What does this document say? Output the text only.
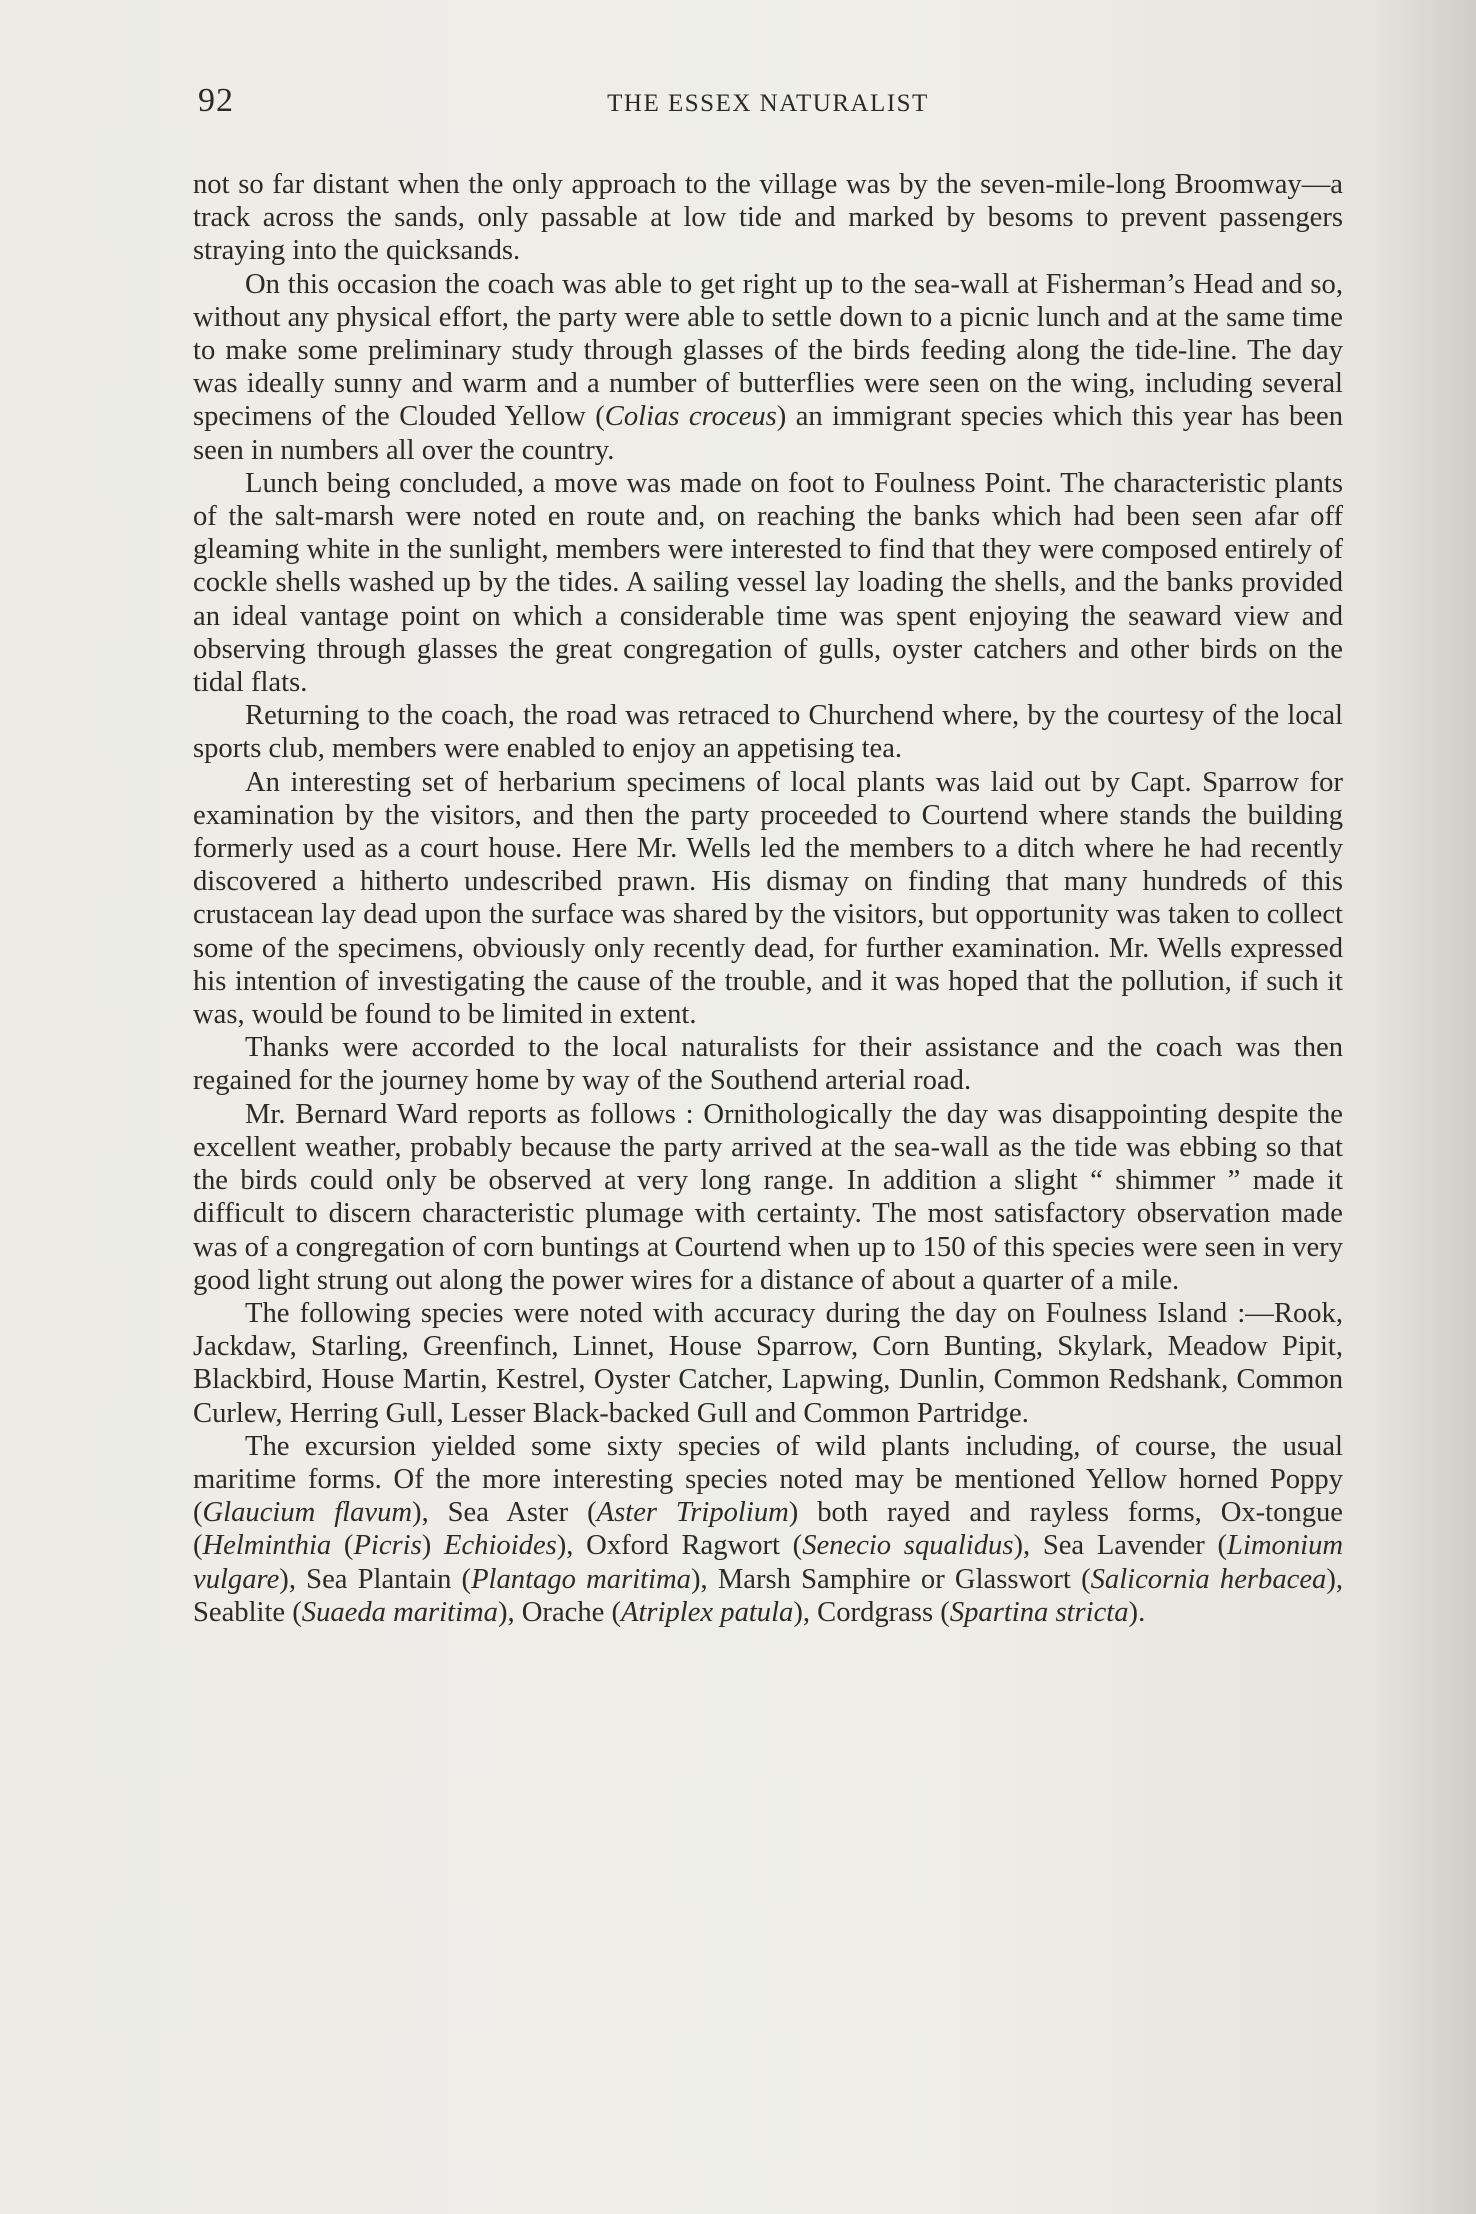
92	THE ESSEX NATURALIST

not so far distant when the only approach to the village was by the seven-mile-long Broomway—a track across the sands, only passable at low tide and marked by besoms to prevent passengers straying into the quicksands.

On this occasion the coach was able to get right up to the sea-wall at Fisherman’s Head and so, without any physical effort, the party were able to settle down to a picnic lunch and at the same time to make some preliminary study through glasses of the birds feeding along the tide-line. The day was ideally sunny and warm and a number of butterflies were seen on the wing, including several specimens of the Clouded Yellow (Colias croceus) an immigrant species which this year has been seen in numbers all over the country.

Lunch being concluded, a move was made on foot to Foulness Point. The characteristic plants of the salt-marsh were noted en route and, on reaching the banks which had been seen afar off gleaming white in the sunlight, members were interested to find that they were composed entirely of cockle shells washed up by the tides. A sailing vessel lay loading the shells, and the banks provided an ideal vantage point on which a considerable time was spent enjoying the seaward view and observing through glasses the great congregation of gulls, oyster catchers and other birds on the tidal flats.

Returning to the coach, the road was retraced to Churchend where, by the courtesy of the local sports club, members were enabled to enjoy an appetising tea.

An interesting set of herbarium specimens of local plants was laid out by Capt. Sparrow for examination by the visitors, and then the party proceeded to Courtend where stands the building formerly used as a court house. Here Mr. Wells led the members to a ditch where he had recently discovered a hitherto undescribed prawn. His dismay on finding that many hundreds of this crustacean lay dead upon the surface was shared by the visitors, but opportunity was taken to collect some of the specimens, obviously only recently dead, for further examination. Mr. Wells expressed his intention of investigating the cause of the trouble, and it was hoped that the pollution, if such it was, would be found to be limited in extent.

Thanks were accorded to the local naturalists for their assistance and the coach was then regained for the journey home by way of the Southend arterial road.

Mr. Bernard Ward reports as follows : Ornithologically the day was disappointing despite the excellent weather, probably because the party arrived at the sea-wall as the tide was ebbing so that the birds could only be observed at very long range. In addition a slight “ shimmer ” made it difficult to discern characteristic plumage with certainty. The most satisfactory observation made was of a congregation of corn buntings at Courtend when up to 150 of this species were seen in very good light strung out along the power wires for a distance of about a quarter of a mile.

The following species were noted with accuracy during the day on Foulness Island :—Rook, Jackdaw, Starling, Greenfinch, Linnet, House Sparrow, Corn Bunting, Skylark, Meadow Pipit, Blackbird, House Martin, Kestrel, Oyster Catcher, Lapwing, Dunlin, Common Redshank, Common Curlew, Herring Gull, Lesser Black-backed Gull and Common Partridge.

The excursion yielded some sixty species of wild plants including, of course, the usual maritime forms. Of the more interesting species noted may be mentioned Yellow horned Poppy (Glaucium flavum), Sea Aster (Aster Tripolium) both rayed and rayless forms, Ox-tongue (Helminthia (Picris) Echioides), Oxford Ragwort (Senecio squalidus), Sea Lavender (Limonium vulgare), Sea Plantain (Plantago maritima), Marsh Samphire or Glasswort (Salicornia herbacea), Seablite (Suaeda maritima), Orache (Atriplex patula), Cordgrass (Spartina stricta).
